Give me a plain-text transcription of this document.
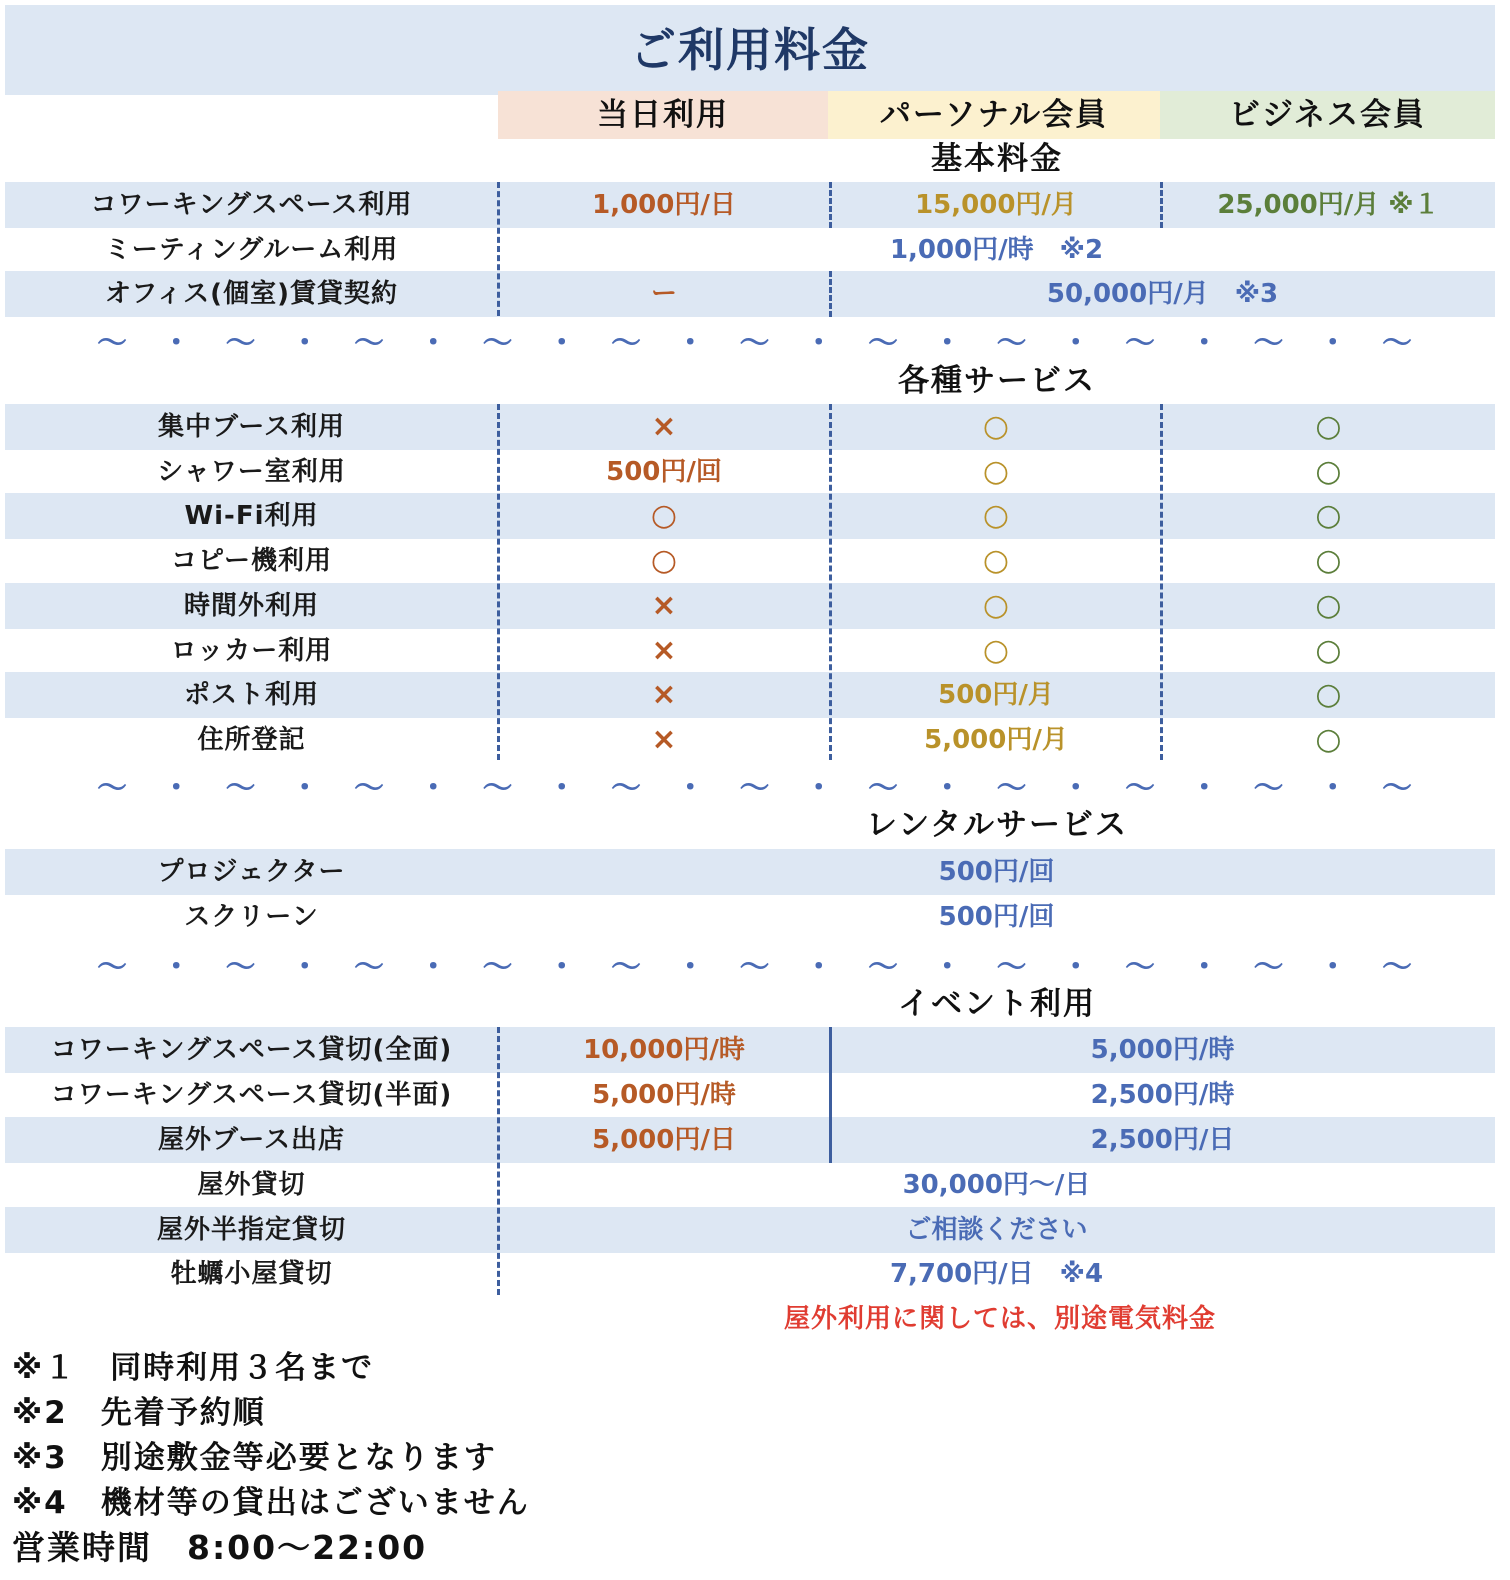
ご利用料金
当日利用	パーソナル会員	ビジネス会員
基本料金
コワーキングスペース利用	1,000円/日	15,000円/月	25,000円/月 ※１
ミーティングルーム利用	1,000円/時　※2
オフィス(個室)賃貸契約	ー	50,000円/月　※3
～ ・ ～ ・ ～ ・ ～ ・ ～ ・ ～ ・ ～ ・ ～ ・ ～ ・ ～ ・ ～
各種サービス
集中ブース利用	×	○	○
シャワー室利用	500円/回	○	○
Wi-Fi利用	○	○	○
コピー機利用	○	○	○
時間外利用	×	○	○
ロッカー利用	×	○	○
ポスト利用	×	500円/月	○
住所登記	×	5,000円/月	○
～ ・ ～ ・ ～ ・ ～ ・ ～ ・ ～ ・ ～ ・ ～ ・ ～ ・ ～ ・ ～
レンタルサービス
プロジェクター	500円/回
スクリーン	500円/回
～ ・ ～ ・ ～ ・ ～ ・ ～ ・ ～ ・ ～ ・ ～ ・ ～ ・ ～ ・ ～
イベント利用
コワーキングスペース貸切(全面)	10,000円/時	5,000円/時
コワーキングスペース貸切(半面)	5,000円/時	2,500円/時
屋外ブース出店	5,000円/日	2,500円/日
屋外貸切	30,000円～/日
屋外半指定貸切	ご相談ください
牡蠣小屋貸切	7,700円/日　※4
屋外利用に関しては、別途電気料金
※１　同時利用３名まで
※2　先着予約順
※3　別途敷金等必要となります
※4　機材等の貸出はございません
営業時間　8:00～22:00
